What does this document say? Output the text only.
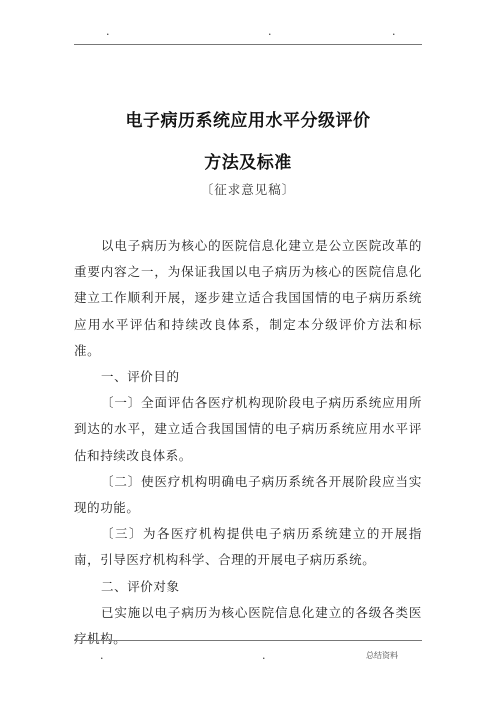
.	.	.
电子病历系统应用水平分级评价
方法及标准
〔征求意见稿〕

以电子病历为核心的医院信息化建立是公立医院改革的重要内容之一，为保证我国以电子病历为核心的医院信息化建立工作顺利开展，逐步建立适合我国国情的电子病历系统应用水平评估和持续改良体系，制定本分级评价方法和标准。

一、评价目的

〔一〕全面评估各医疗机构现阶段电子病历系统应用所到达的水平，建立适合我国国情的电子病历系统应用水平评估和持续改良体系。

〔二〕使医疗机构明确电子病历系统各开展阶段应当实现的功能。

〔三〕为各医疗机构提供电子病历系统建立的开展指南，引导医疗机构科学、合理的开展电子病历系统。

二、评价对象

已实施以电子病历为核心医院信息化建立的各级各类医疗机构。

.	.	总结资料
